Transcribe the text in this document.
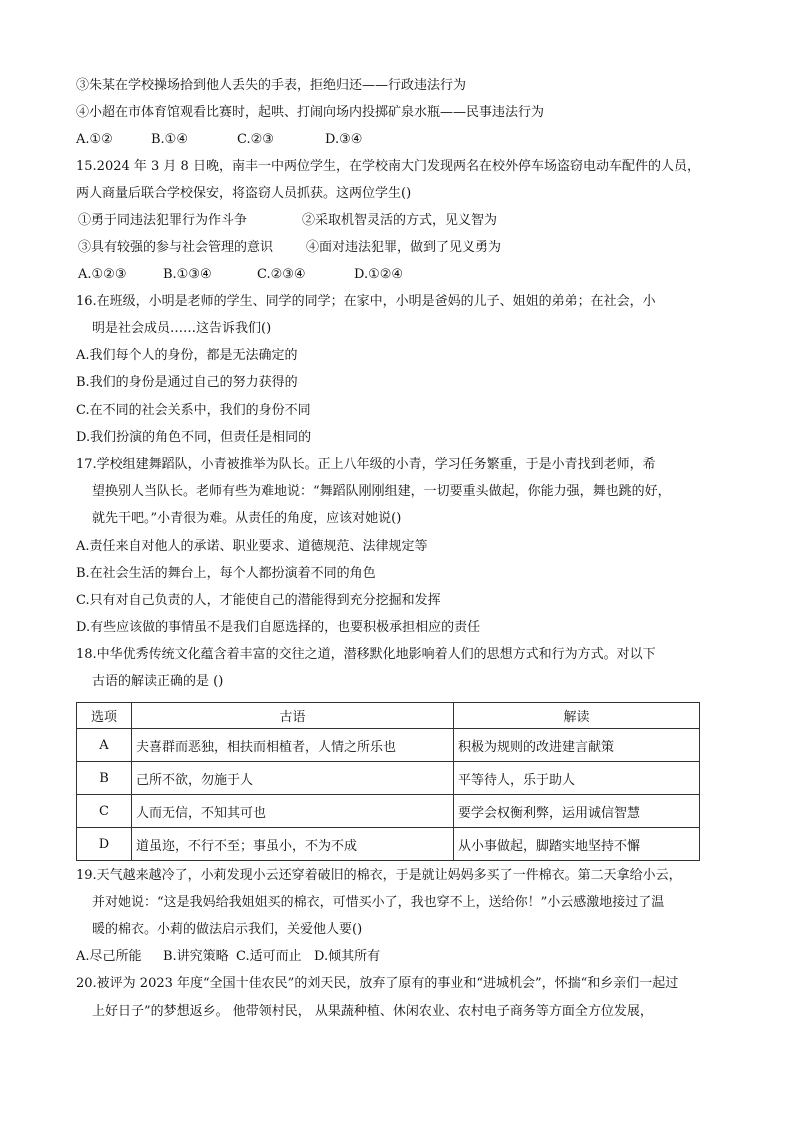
③朱某在学校操场拾到他人丢失的手表，拒绝归还——行政违法行为
④小超在市体育馆观看比赛时，起哄、打闹向场内投掷矿泉水瓶——民事违法行为
A.①②	B.①④	C.②③	D.③④
15.2024 年 3 月 8 日晚，南丰一中两位学生，在学校南大门发现两名在校外停车场盗窃电动车配件的人员，
两人商量后联合学校保安，将盗窃人员抓获。这两位学生()
①勇于同违法犯罪行为作斗争	②采取机智灵活的方式，见义智为
③具有较强的参与社会管理的意识	④面对违法犯罪，做到了见义勇为
A.①②③	B.①③④	C.②③④	D.①②④
16.在班级，小明是老师的学生、同学的同学；在家中，小明是爸妈的儿子、姐姐的弟弟；在社会，小
明是社会成员……这告诉我们()
A.我们每个人的身份，都是无法确定的
B.我们的身份是通过自己的努力获得的
C.在不同的社会关系中，我们的身份不同
D.我们扮演的角色不同，但责任是相同的
17.学校组建舞蹈队，小青被推举为队长。正上八年级的小青，学习任务繁重，于是小青找到老师，希
望换别人当队长。老师有些为难地说：“舞蹈队刚刚组建，一切要重头做起，你能力强，舞也跳的好，
就先干吧。”小青很为难。从责任的角度，应该对她说()
A.责任来自对他人的承诺、职业要求、道德规范、法律规定等
B.在社会生活的舞台上，每个人都扮演着不同的角色
C.只有对自己负责的人，才能使自己的潜能得到充分挖掘和发挥
D.有些应该做的事情虽不是我们自愿选择的，也要积极承担相应的责任
18.中华优秀传统文化蕴含着丰富的交往之道，潜移默化地影响着人们的思想方式和行为方式。对以下
古语的解读正确的是 ()
选项	古语	解读
A	夫喜群而恶独，相扶而相植者，人情之所乐也	积极为规则的改进建言献策
B	己所不欲，勿施于人	平等待人，乐于助人
C	人而无信，不知其可也	要学会权衡利弊，运用诚信智慧
D	道虽迩，不行不至；事虽小，不为不成	从小事做起，脚踏实地坚持不懈
19.天气越来越冷了，小莉发现小云还穿着破旧的棉衣，于是就让妈妈多买了一件棉衣。第二天拿给小云，
并对她说：“这是我妈给我姐姐买的棉衣，可惜买小了，我也穿不上，送给你！”小云感激地接过了温
暖的棉衣。小莉的做法启示我们，关爱他人要()
A.尽己所能 B.讲究策略 C.适可而止 D.倾其所有
20.被评为 2023 年度“全国十佳农民”的刘天民，放弃了原有的事业和“进城机会”，怀揣“和乡亲们一起过
上好日子”的梦想返乡。 他带领村民， 从果蔬种植、休闲农业、农村电子商务等方面全方位发展，
